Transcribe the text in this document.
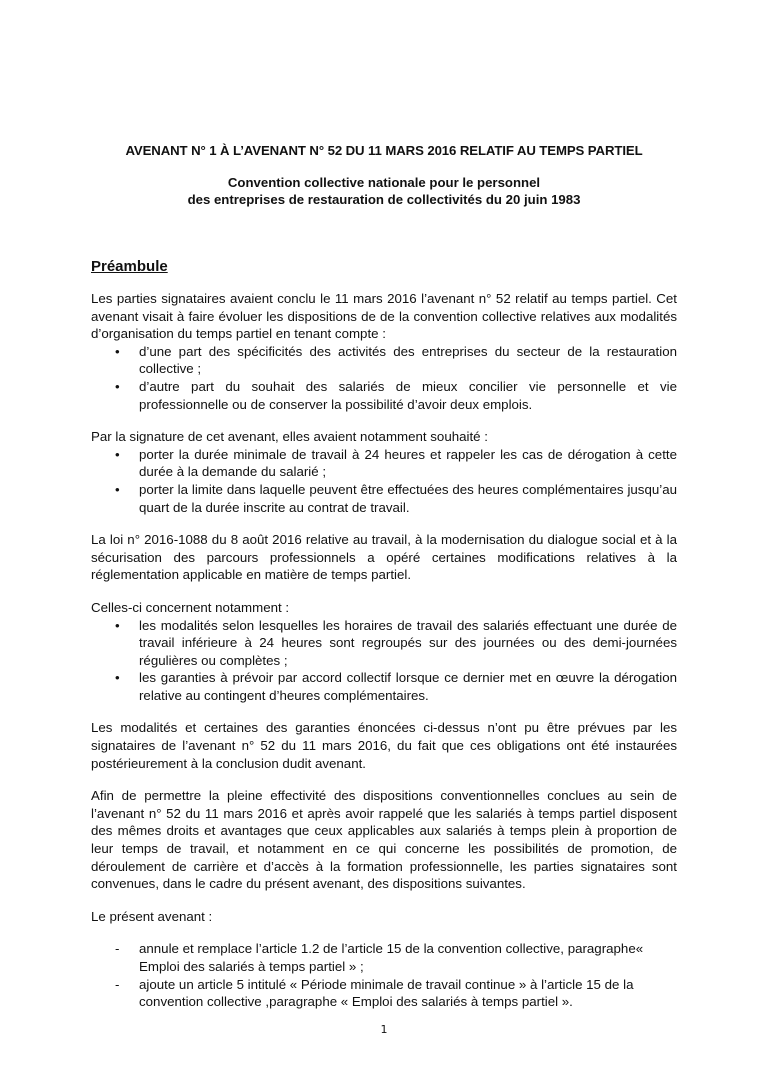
AVENANT N° 1 À L’AVENANT N° 52 DU 11 MARS 2016 RELATIF AU TEMPS PARTIEL
Convention collective nationale pour le personnel
des entreprises de restauration de collectivités du 20 juin 1983
Préambule

Les parties signataires avaient conclu le 11 mars 2016 l’avenant n° 52 relatif au temps partiel. Cet avenant visait à faire évoluer les dispositions de de la convention collective relatives aux modalités d’organisation du temps partiel en tenant compte :

• d’une part des spécificités des activités des entreprises du secteur de la restauration collective ;
• d’autre part du souhait des salariés de mieux concilier vie personnelle et vie professionnelle ou de conserver la possibilité d’avoir deux emplois.

Par la signature de cet avenant, elles avaient notamment souhaité :

• porter la durée minimale de travail à 24 heures et rappeler les cas de dérogation à cette durée à la demande du salarié ;
• porter la limite dans laquelle peuvent être effectuées des heures complémentaires jusqu’au quart de la durée inscrite au contrat de travail.

La loi n° 2016-1088 du 8 août 2016 relative au travail, à la modernisation du dialogue social et à la sécurisation des parcours professionnels a opéré certaines modifications relatives à la réglementation applicable en matière de temps partiel.

Celles-ci concernent notamment :

• les modalités selon lesquelles les horaires de travail des salariés effectuant une durée de travail inférieure à 24 heures sont regroupés sur des journées ou des demi-journées régulières ou complètes ;
• les garanties à prévoir par accord collectif lorsque ce dernier met en œuvre la dérogation relative au contingent d’heures complémentaires.

Les modalités et certaines des garanties énoncées ci-dessus n’ont pu être prévues par les signataires de l’avenant n° 52 du 11 mars 2016, du fait que ces obligations ont été instaurées postérieurement à la conclusion dudit avenant.

Afin de permettre la pleine effectivité des dispositions conventionnelles conclues au sein de l’avenant n° 52 du 11 mars 2016 et après avoir rappelé que les salariés à temps partiel disposent des mêmes droits et avantages que ceux applicables aux salariés à temps plein à proportion de leur temps de travail, et notamment en ce qui concerne les possibilités de promotion, de déroulement de carrière et d’accès à la formation professionnelle, les parties signataires sont convenues, dans le cadre du présent avenant, des dispositions suivantes.

Le présent avenant :

- annule et remplace l’article 1.2 de l’article 15 de la convention collective, paragraphe« Emploi des salariés à temps partiel » ;
- ajoute un article 5 intitulé « Période minimale de travail continue » à l’article 15 de la convention collective ,paragraphe « Emploi des salariés à temps partiel ».
1
